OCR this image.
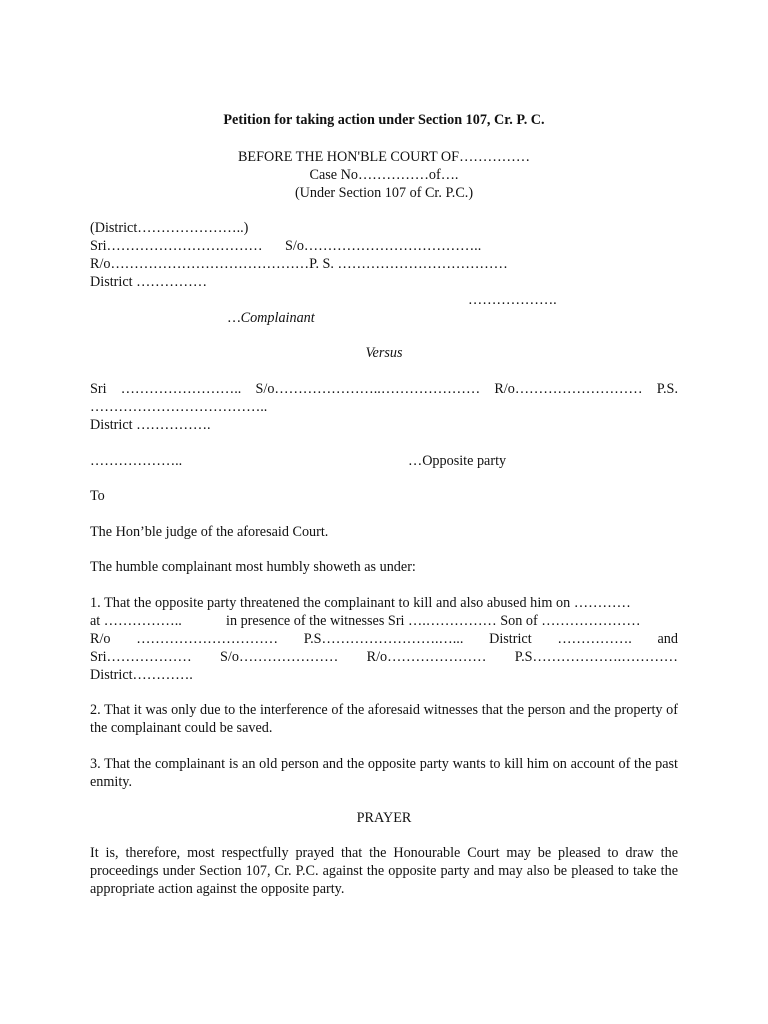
Petition for taking action under Section 107, Cr. P. C.
BEFORE THE HON'BLE COURT OF……………
Case No……………of….
(Under Section 107 of Cr. P.C.)
(District…………………..)
Sri…………………………… S/o………………………………..
R/o……………………………………P. S. ………………………………
District ……………
……………….
…Complainant
Versus
Sri …………………….. S/o…………………..………………… R/o……………………… P.S.
………………………………..
District …………….
………………..	…Opposite party
To
The Hon’ble judge of the aforesaid Court.
The humble complainant most humbly showeth as under:
1. That the opposite party threatened the complainant to kill and also abused him on …………
at ……………..	in presence of the witnesses Sri ….…………… Son of …………………
R/o ………………………… P.S…………………….…... District ……………. and
Sri……………… S/o………………… R/o………………… P.S……………….…………
District………….
2. That it was only due to the interference of the aforesaid witnesses that the person and the property of the complainant could be saved.
3. That the complainant is an old person and the opposite party wants to kill him on account of the past enmity.
PRAYER
It is, therefore, most respectfully prayed that the Honourable Court may be pleased to draw the proceedings under Section 107, Cr. P.C. against the opposite party and may also be pleased to take the appropriate action against the opposite party.
